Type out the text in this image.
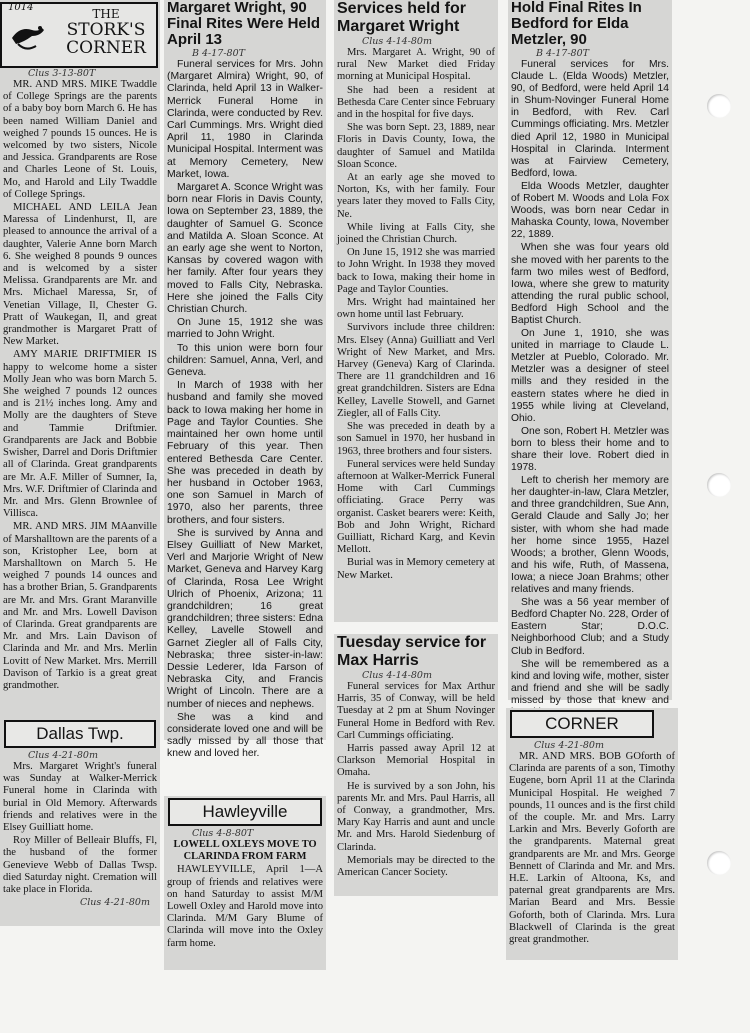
1014	THE
STORK'S
CORNER

Clus 3-13-80T

MR. AND MRS. MIKE Twaddle of College Springs are the parents of a baby boy born March 6. He has been named William Daniel and weighed 7 pounds 15 ounces. He is welcomed by two sisters, Nicole and Jessica. Grandparents are Rose and Charles Leone of St. Louis, Mo, and Harold and Lily Twaddle of College Springs.

MICHAEL AND LEILA Jean Maressa of Lindenhurst, Il, are pleased to announce the arrival of a daughter, Valerie Anne born March 6. She weighed 8 pounds 9 ounces and is welcomed by a sister Melissa. Grandparents are Mr. and Mrs. Michael Maressa, Sr, of Venetian Village, Il, Chester G. Pratt of Waukegan, Il, and great grandmother is Margaret Pratt of New Market.

AMY MARIE DRIFTMIER IS happy to welcome home a sister Molly Jean who was born March 5. She weighed 7 pounds 12 ounces and is 21½ inches long. Amy and Molly are the daughters of Steve and Tammie Driftmier. Grandparents are Jack and Bobbie Swisher, Darrel and Doris Driftmier all of Clarinda. Great grandparents are Mr. A.F. Miller of Sumner, Ia, Mrs. W.F. Driftmier of Clarinda and Mr. and Mrs. Glenn Brownlee of Villisca.

MR. AND MRS. JIM MAanville of Marshalltown are the parents of a son, Kristopher Lee, born at Marshalltown on March 5. He weighed 7 pounds 14 ounces and has a brother Brian, 5. Grandparents are Mr. and Mrs. Grant Maranville and Mr. and Mrs. Lowell Davison of Clarinda. Great grandparents are Mr. and Mrs. Lain Davison of Clarinda and Mr. and Mrs. Merlin Lovitt of New Market. Mrs. Merrill Davison of Tarkio is a great great grandmother.

Dallas Twp.

Clus 4-21-80m

Mrs. Margaret Wright's funeral was Sunday at Walker-Merrick Funeral home in Clarinda with burial in Old Memory. Afterwards friends and relatives were in the Elsey Guilliatt home.

Roy Miller of Belleair Bluffs, Fl, the husband of the former Genevieve Webb of Dallas Twsp. died Saturday night. Cremation will take place in Florida.

Clus 4-21-80m

Margaret Wright, 90 Final Rites Were Held April 13

B 4-17-80T

Funeral services for Mrs. John (Margaret Almira) Wright, 90, of Clarinda, held April 13 in Walker-Merrick Funeral Home in Clarinda, were conducted by Rev. Carl Cummings. Mrs. Wright died April 11, 1980 in Clarinda Municipal Hospital. Interment was at Memory Cemetery, New Market, Iowa.

Margaret A. Sconce Wright was born near Floris in Davis County, Iowa on September 23, 1889, the daughter of Samuel G. Sconce and Matilda A. Sloan Sconce. At an early age she went to Norton, Kansas by covered wagon with her family. After four years they moved to Falls City, Nebraska. Here she joined the Falls City Christian Church.

On June 15, 1912 she was married to John Wright.

To this union were born four children: Samuel, Anna, Verl, and Geneva.

In March of 1938 with her husband and family she moved back to Iowa making her home in Page and Taylor Counties. She maintained her own home until February of this year. Then entered Bethesda Care Center. She was preceded in death by her husband in October 1963, one son Samuel in March of 1970, also her parents, three brothers, and four sisters.

She is survived by Anna and Elsey Guilliatt of New Market, Verl and Marjorie Wright of New Market, Geneva and Harvey Karg of Clarinda, Rosa Lee Wright Ulrich of Phoenix, Arizona; 11 grandchildren; 16 great grandchildren; three sisters: Edna Kelley, Lavelle Stowell and Garnet Ziegler all of Falls City, Nebraska; three sister-in-law: Dessie Lederer, Ida Farson of Nebraska City, and Francis Wright of Lincoln. There are a number of nieces and nephews.

She was a kind and considerate loved one and will be sadly missed by all those that knew and loved her.

Hawleyville

Clus 4-8-80T

LOWELL OXLEYS MOVE TO CLARINDA FROM FARM

HAWLEYVILLE, April 1—A group of friends and relatives were on hand Saturday to assist M/M Lowell Oxley and Harold move into Clarinda. M/M Gary Blume of Clarinda will move into the Oxley farm home.

Services held for Margaret Wright

Clus 4-14-80m

Mrs. Margaret A. Wright, 90 of rural New Market died Friday morning at Municipal Hospital.

She had been a resident at Bethesda Care Center since February and in the hospital for five days.

She was born Sept. 23, 1889, near Floris in Davis County, Iowa, the daughter of Samuel and Matilda Sloan Sconce.

At an early age she moved to Norton, Ks, with her family. Four years later they moved to Falls City, Ne.

While living at Falls City, she joined the Christian Church.

On June 15, 1912 she was married to John Wright. In 1938 they moved back to Iowa, making their home in Page and Taylor Counties.

Mrs. Wright had maintained her own home until last February.

Survivors include three children: Mrs. Elsey (Anna) Guilliatt and Verl Wright of New Market, and Mrs. Harvey (Geneva) Karg of Clarinda. There are 11 grandchildren and 16 great grandchildren. Sisters are Edna Kelley, Lavelle Stowell, and Garnet Ziegler, all of Falls City.

She was preceded in death by a son Samuel in 1970, her husband in 1963, three brothers and four sisters.

Funeral services were held Sunday afternoon at Walker-Merrick Funeral Home with Carl Cummings officiating. Grace Perry was organist. Casket bearers were: Keith, Bob and John Wright, Richard Guilliatt, Richard Karg, and Kevin Mellott.

Burial was in Memory cemetery at New Market.

Tuesday service for Max Harris

Clus 4-14-80m

Funeral services for Max Arthur Harris, 35 of Conway, will be held Tuesday at 2 pm at Shum Novinger Funeral Home in Bedford with Rev. Carl Cummings officiating.

Harris passed away April 12 at Clarkson Memorial Hospital in Omaha.

He is survived by a son John, his parents Mr. and Mrs. Paul Harris, all of Conway, a grandmother, Mrs. Mary Kay Harris and aunt and uncle Mr. and Mrs. Harold Siedenburg of Clarinda.

Memorials may be directed to the American Cancer Society.

Hold Final Rites In Bedford for Elda Metzler, 90

B 4-17-80T

Funeral services for Mrs. Claude L. (Elda Woods) Metzler, 90, of Bedford, were held April 14 in Shum-Novinger Funeral Home in Bedford, with Rev. Carl Cummings officiating. Mrs. Metzler died April 12, 1980 in Municipal Hospital in Clarinda. Interment was at Fairview Cemetery, Bedford, Iowa.

Elda Woods Metzler, daughter of Robert M. Woods and Lola Fox Woods, was born near Cedar in Mahaska County, Iowa, November 22, 1889.

When she was four years old she moved with her parents to the farm two miles west of Bedford, Iowa, where she grew to maturity attending the rural public school, Bedford High School and the Baptist Church.

On June 1, 1910, she was united in marriage to Claude L. Metzler at Pueblo, Colorado. Mr. Metzler was a designer of steel mills and they resided in the eastern states where he died in 1955 while living at Cleveland, Ohio.

One son, Robert H. Metzler was born to bless their home and to share their love. Robert died in 1978.

Left to cherish her memory are her daughter-in-law, Clara Metzler, and three grandchildren, Sue Ann, Gerald Claude and Sally Jo; her sister, with whom she had made her home since 1955, Hazel Woods; a brother, Glenn Woods, and his wife, Ruth, of Massena, Iowa; a niece Joan Brahms; other relatives and many friends.

She was a 56 year member of Bedford Chapter No. 228, Order of Eastern Star; D.O.C. Neighborhood Club; and a Study Club in Bedford.

She will be remembered as a kind and loving wife, mother, sister and friend and she will be sadly missed by those that knew and

CORNER

Clus 4-21-80m

MR. AND MRS. BOB GOforth of Clarinda are parents of a son, Timothy Eugene, born April 11 at the Clarinda Municipal Hospital. He weighed 7 pounds, 11 ounces and is the first child of the couple. Mr. and Mrs. Larry Larkin and Mrs. Beverly Goforth are the grandparents. Maternal great grandparents are Mr. and Mrs. George Bennett of Clarinda and Mr. and Mrs. H.E. Larkin of Altoona, Ks, and paternal great grandparents are Mrs. Marian Beard and Mrs. Bessie Goforth, both of Clarinda. Mrs. Lura Blackwell of Clarinda is the great great grandmother.
